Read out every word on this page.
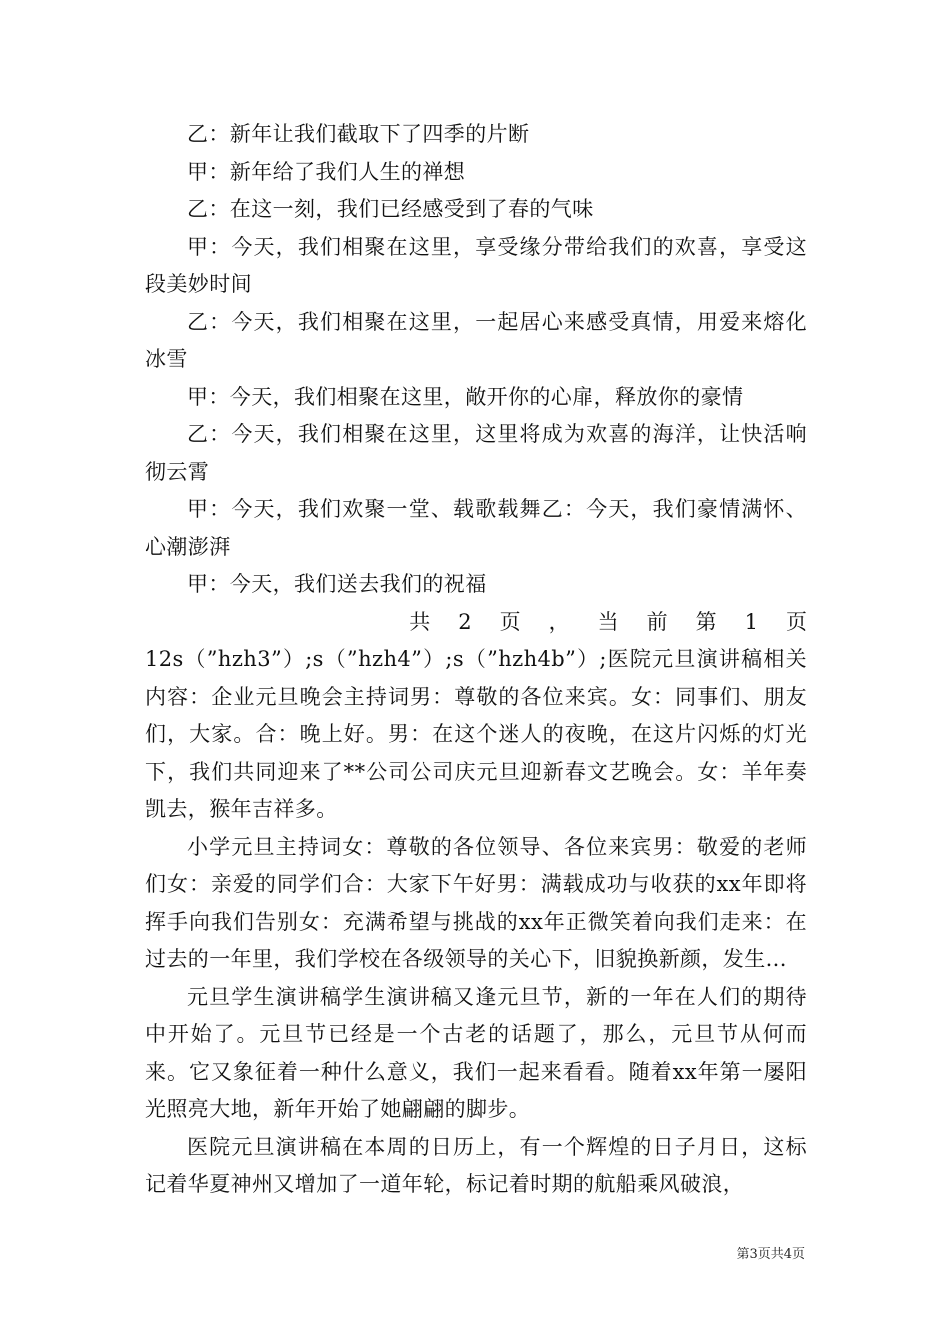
乙：新年让我们截取下了四季的片断

甲：新年给了我们人生的禅想

乙：在这一刻，我们已经感受到了春的气味

甲：今天，我们相聚在这里，享受缘分带给我们的欢喜，享受这段美妙时间

乙：今天，我们相聚在这里，一起居心来感受真情，用爱来熔化冰雪

甲：今天，我们相聚在这里，敞开你的心扉，释放你的豪情

乙：今天，我们相聚在这里，这里将成为欢喜的海洋，让快活响彻云霄

甲：今天，我们欢聚一堂、载歌载舞乙：今天，我们豪情满怀、心潮澎湃

甲：今天，我们送去我们的祝福

共 2 页 ， 当 前 第 1 页

12s（”hzh3”）;s（”hzh4”）;s（”hzh4b”）;医院元旦演讲稿相关内容：企业元旦晚会主持词男：尊敬的各位来宾。女：同事们、朋友们，大家。合：晚上好。男：在这个迷人的夜晚，在这片闪烁的灯光下，我们共同迎来了**公司公司庆元旦迎新春文艺晚会。女：羊年奏凯去，猴年吉祥多。

小学元旦主持词女：尊敬的各位领导、各位来宾男：敬爱的老师们女：亲爱的同学们合：大家下午好男：满载成功与收获的xx年即将挥手向我们告别女：充满希望与挑战的xx年正微笑着向我们走来：在过去的一年里，我们学校在各级领导的关心下，旧貌换新颜，发生...

元旦学生演讲稿学生演讲稿又逢元旦节，新的一年在人们的期待中开始了。元旦节已经是一个古老的话题了，那么，元旦节从何而来。它又象征着一种什么意义，我们一起来看看。随着xx年第一屡阳光照亮大地，新年开始了她翩翩的脚步。

医院元旦演讲稿在本周的日历上，有一个辉煌的日子月日，这标记着华夏神州又增加了一道年轮，标记着时期的航船乘风破浪，

第3页共4页
